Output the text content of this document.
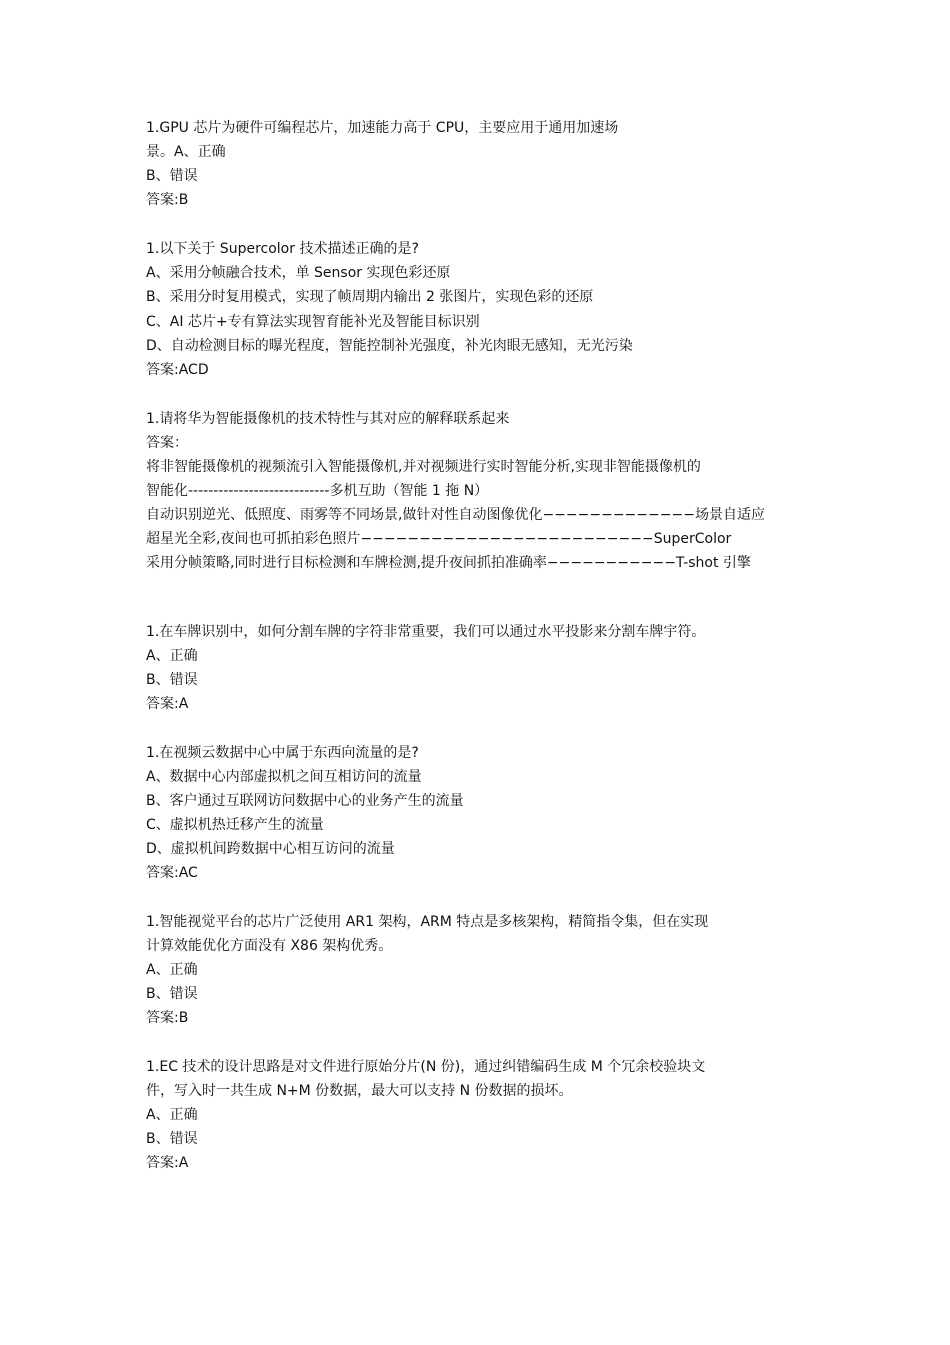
1.GPU 芯片为硬件可编程芯片，加速能力高于 CPU，主要应用于通用加速场
景。A、正确
B、错误
答案:B
1.以下关于 Supercolor 技术描述正确的是?
A、采用分帧融合技术，单 Sensor 实现色彩还原
B、采用分时复用模式，实现了帧周期内输出 2 张图片，实现色彩的还原
C、AI 芯片+专有算法实现智育能补光及智能目标识别
D、自动检测目标的曝光程度，智能控制补光强度，补光肉眼无感知，无光污染
答案:ACD
1.请将华为智能摄像机的技术特性与其对应的解释联系起来
答案：
将非智能摄像机的视频流引入智能摄像机,并对视频进行实时智能分析,实现非智能摄像机的
智能化----------------------------多机互助（智能 1 拖 N）
自动识别逆光、低照度、雨雾等不同场景,做针对性自动图像优化−−−−−−−−−−−−−场景自适应
超星光全彩,夜间也可抓拍彩色照片−−−−−−−−−−−−−−−−−−−−−−−−−SuperColor
采用分帧策略,同时进行目标检测和车牌检测,提升夜间抓拍准确率−−−−−−−−−−−T-shot 引擎
1.在车牌识别中，如何分割车牌的字符非常重要，我们可以通过水平投影来分割车牌宇符。
A、正确
B、错误
答案:A
1.在视频云数据中心中属于东西向流量的是?
A、数据中心内部虚拟机之间互相访问的流量
B、客户通过互联网访问数据中心的业务产生的流量
C、虚拟机热迁移产生的流量
D、虚拟机间跨数据中心相互访问的流量
答案:AC
1.智能视觉平台的芯片广泛使用 AR1 架构，ARM 特点是多核架构，精简指令集，但在实现
计算效能优化方面没有 X86 架构优秀。
A、正确
B、错误
答案:B
1.EC 技术的设计思路是对文件进行原始分片(N 份)，通过纠错编码生成 M 个冗余校验块文
件，写入时一共生成 N+M 份数据，最大可以支持 N 份数据的损坏。
A、正确
B、错误
答案:A
